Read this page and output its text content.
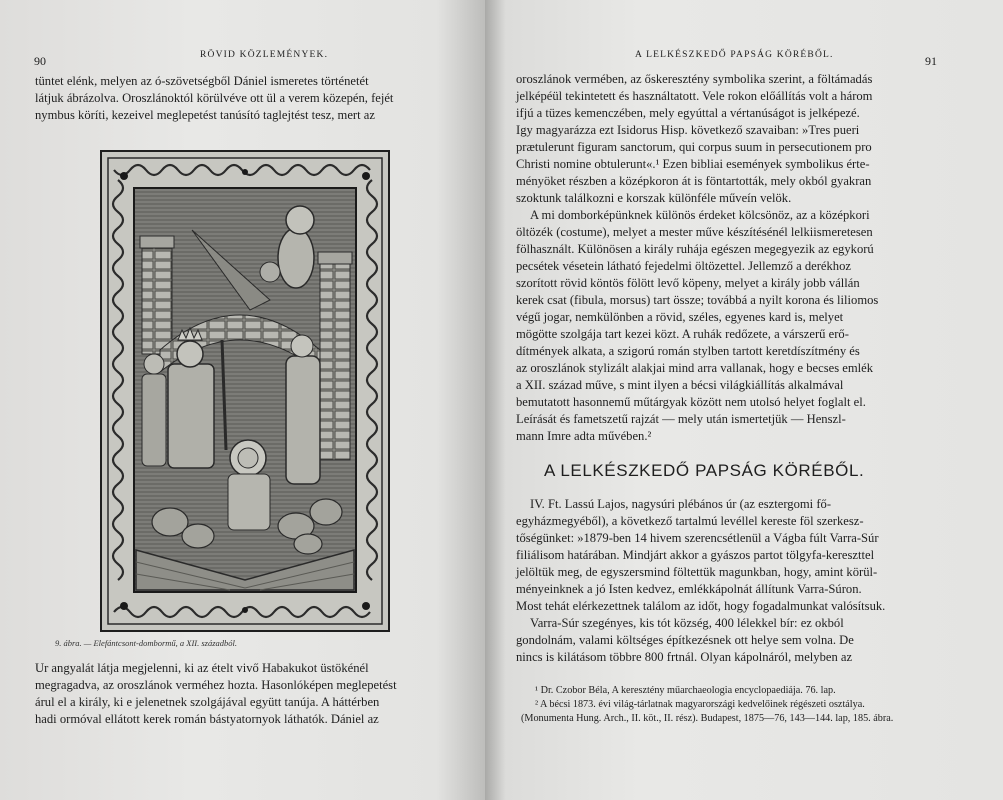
90	RÖVID KÖZLEMÉNYEK.

tüntet elénk, melyen az ó-szövetségből Dániel ismeretes történetét

látjuk ábrázolva. Oroszlánoktól körülvéve ott ül a verem közepén, fejét

nymbus köríti, kezeivel meglepetést tanúsító taglejtést tesz, mert az

9. ábra. — Elefántcsont-dombormű, a XII. századból.

Ur angyalát látja megjelenni, ki az ételt vivő Habakukot üstökénél

megragadva, az oroszlánok verméhez hozta. Hasonlóképen meglepetést

árul el a király, ki e jelenetnek szolgájával együtt tanúja. A háttérben

hadi ormóval ellátott kerek román bástyatornyok láthatók. Dániel az

A LELKÉSZKEDŐ PAPSÁG KÖRÉBŐL.	91

oroszlánok vermében, az őskeresztény symbolika szerint, a föltámadás

jelképéül tekintetett és használtatott. Vele rokon előállítás volt a három

ifjú a tüzes kemenczében, mely egyúttal a vértanúságot is jelképezé.

Igy magyarázza ezt Isidorus Hisp. következő szavaiban: »Tres pueri

prætulerunt figuram sanctorum, qui corpus suum in persecutionem pro

Christi nomine obtulerunt«.¹ Ezen bibliai események symbolikus érte-

ményöket részben a középkoron át is föntartották, mely okból gyakran

szoktunk találkozni e korszak különféle műveín velök.

A mi domborképünknek különös érdeket kölcsönöz, az a középkori

öltözék (costume), melyet a mester műve készítésénél lelkiismeretesen

fölhasznált. Különösen a király ruhája egészen megegyezik az egykorú

pecsétek vésetein látható fejedelmi öltözettel. Jellemző a derékhoz

szorított rövid köntös fölött levő köpeny, melyet a király jobb vállán

kerek csat (fibula, morsus) tart össze; továbbá a nyilt korona és liliomos

végű jogar, nemkülönben a rövid, széles, egyenes kard is, melyet

mögötte szolgája tart kezei közt. A ruhák redőzete, a várszerű erő-

dítmények alkata, a szigorú román stylben tartott keretdíszítmény és

az oroszlánok stylizált alakjai mind arra vallanak, hogy e becses emlék

a XII. század műve, s mint ilyen a bécsi világkiállítás alkalmával

bemutatott hasonnemű műtárgyak között nem utolsó helyet foglalt el.

Leírását és fametszetű rajzát — mely után ismertetjük — Henszl-

mann Imre adta művében.²

A LELKÉSZKEDŐ PAPSÁG KÖRÉBŐL.

IV. Ft. Lassú Lajos, nagysúri plébános úr (az esztergomi fő-

egyházmegyéből), a következő tartalmú levéllel kereste föl szerkesz-

tőségünket: »1879-ben 14 hivem szerencsétlenül a Vágba fúlt Varra-Súr

filiálisom határában. Mindjárt akkor a gyászos partot tölgyfa-kereszttel

jelöltük meg, de egyszersmind föltettük magunkban, hogy, amint körül-

ményeinknek a jó Isten kedvez, emlékkápolnát állítunk Varra-Súron.

Most tehát elérkezettnek találom az időt, hogy fogadalmunkat valósítsuk.

Varra-Súr szegényes, kis tót község, 400 lélekkel bír: ez okból

gondolnám, valami költséges építkezésnek ott helye sem volna. De

nincs is kilátásom többre 800 frtnál. Olyan kápolnáról, melyben az

¹ Dr. Czobor Béla, A keresztény műarchaeologia encyclopaediája. 76. lap.

² A bécsi 1873. évi világ-tárlatnak magyarországi kedvelőinek régészeti osztálya.

(Monumenta Hung. Arch., II. köt., II. rész). Budapest, 1875—76, 143—144. lap, 185. ábra.
